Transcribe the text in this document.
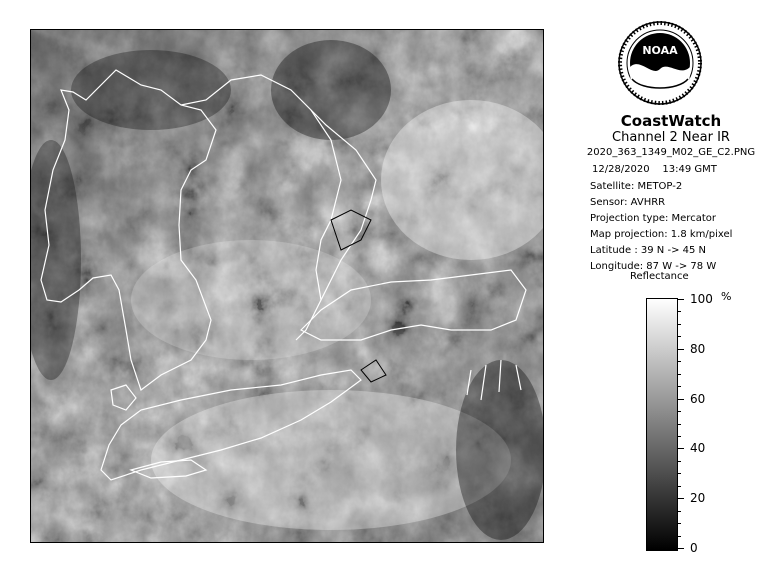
NOAA
CoastWatch
Channel 2 Near IR
2020_363_1349_M02_GE_C2.PNG
12/28/2020 13:49 GMT
Satellite: METOP-2
Sensor: AVHRR
Projection type: Mercator
Map projection: 1.8 km/pixel
Latitude : 39 N -> 45 N
Longitude: 87 W -> 78 W
Reflectance
%
100
80
60
40
20
0
